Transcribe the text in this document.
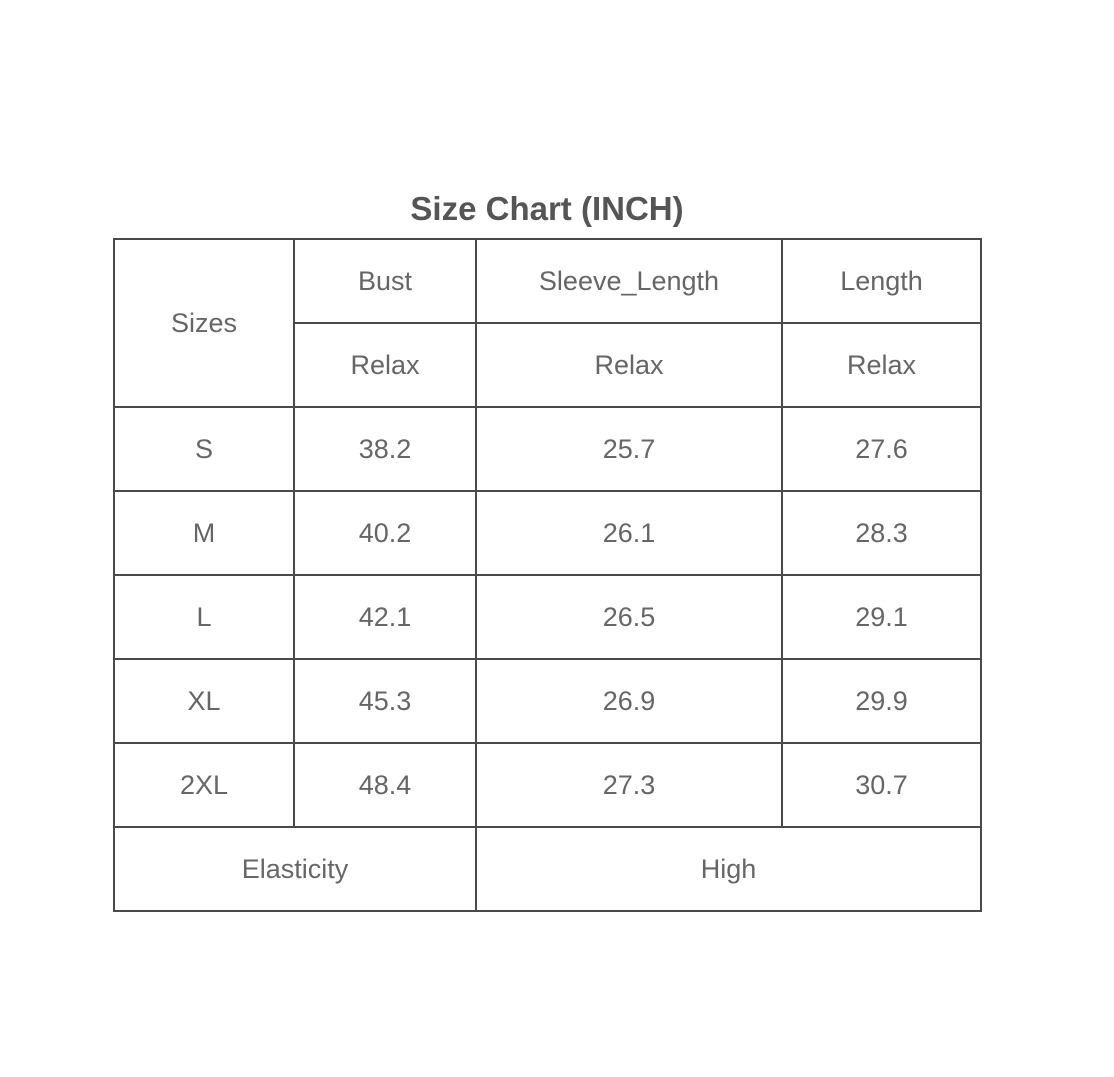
Size Chart (INCH)
Sizes	Bust	Sleeve_Length	Length
	Relax	Relax	Relax
S	38.2	25.7	27.6
M	40.2	26.1	28.3
L	42.1	26.5	29.1
XL	45.3	26.9	29.9
2XL	48.4	27.3	30.7
Elasticity		High	
